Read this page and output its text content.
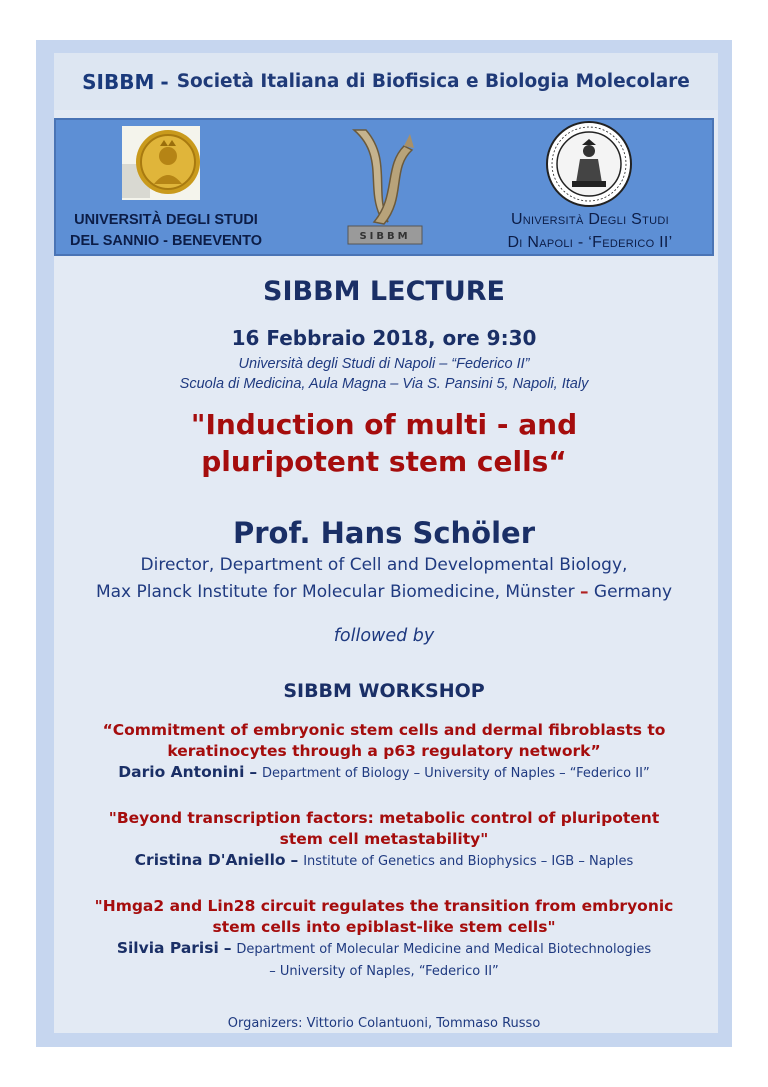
SIBBM - Società Italiana di Biofisica e Biologia Molecolare
SIBBM
UNIVERSITÀ DEGLI STUDI
DEL SANNIO - BENEVENTO
Università Degli Studi
Di Napoli - ‘Federico II’
SIBBM LECTURE
16 Febbraio 2018, ore 9:30
Università degli Studi di Napoli – “Federico II”
Scuola di Medicina, Aula Magna – Via S. Pansini 5, Napoli, Italy
"Induction of multi - and
pluripotent stem cells“
Prof. Hans Schöler
Director, Department of Cell and Developmental Biology,
Max Planck Institute for Molecular Biomedicine, Münster – Germany
followed by
SIBBM WORKSHOP
“Commitment of embryonic stem cells and dermal fibroblasts to
keratinocytes through a p63 regulatory network”
Dario Antonini – Department of Biology – University of Naples – “Federico II”
"Beyond transcription factors: metabolic control of pluripotent
stem cell metastability"
Cristina D'Aniello – Institute of Genetics and Biophysics – IGB – Naples
"Hmga2 and Lin28 circuit regulates the transition from embryonic
stem cells into epiblast-like stem cells"
Silvia Parisi – Department of Molecular Medicine and Medical Biotechnologies
– University of Naples, “Federico II”
Organizers: Vittorio Colantuoni, Tommaso Russo
